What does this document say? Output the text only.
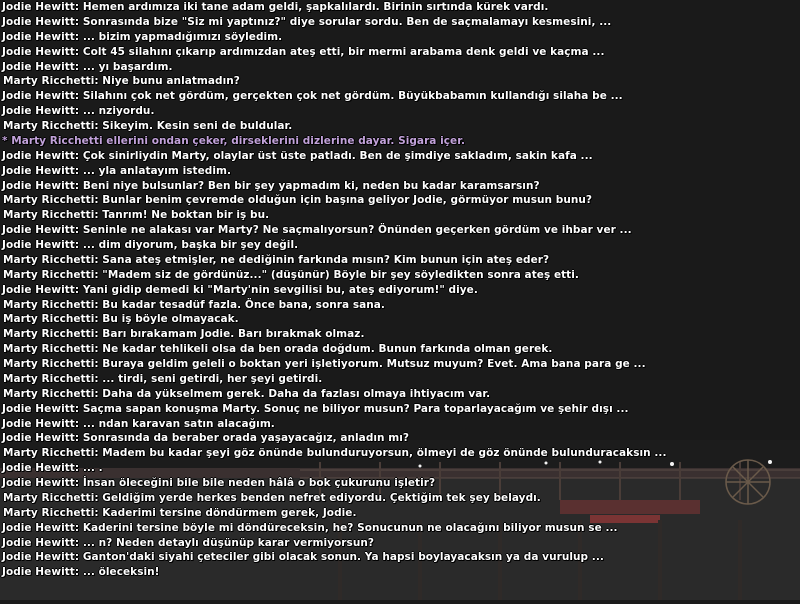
Jodie Hewitt: Hemen ardımıza iki tane adam geldi, şapkalılardı. Birinin sırtında kürek vardı.
Jodie Hewitt: Sonrasında bize "Siz mi yaptınız?" diye sorular sordu. Ben de saçmalamayı kesmesini, ...
Jodie Hewitt: ... bizim yapmadığımızı söyledim.
Jodie Hewitt: Colt 45 silahını çıkarıp ardımızdan ateş etti, bir mermi arabama denk geldi ve kaçma ...
Jodie Hewitt: ... yı başardım.
Marty Ricchetti: Niye bunu anlatmadın?
Jodie Hewitt: Silahını çok net gördüm, gerçekten çok net gördüm. Büyükbabamın kullandığı silaha be ...
Jodie Hewitt: ... nziyordu.
Marty Ricchetti: Sikeyim. Kesin seni de buldular.
* Marty Ricchetti ellerini ondan çeker, dirseklerini dizlerine dayar. Sigara içer.
Jodie Hewitt: Çok sinirliydin Marty, olaylar üst üste patladı. Ben de şimdiye sakladım, sakin kafa ...
Jodie Hewitt: ... yla anlatayım istedim.
Jodie Hewitt: Beni niye bulsunlar? Ben bir şey yapmadım ki, neden bu kadar karamsarsın?
Marty Ricchetti: Bunlar benim çevremde olduğun için başına geliyor Jodie, görmüyor musun bunu?
Marty Ricchetti: Tanrım! Ne boktan bir iş bu.
Jodie Hewitt: Seninle ne alakası var Marty? Ne saçmalıyorsun? Önünden geçerken gördüm ve ihbar ver ...
Jodie Hewitt: ... dim diyorum, başka bir şey değil.
Marty Ricchetti: Sana ateş etmişler, ne dediğinin farkında mısın? Kim bunun için ateş eder?
Marty Ricchetti: "Madem siz de gördünüz..." (düşünür) Böyle bir şey söyledikten sonra ateş etti.
Jodie Hewitt: Yani gidip demedi ki "Marty'nin sevgilisi bu, ateş ediyorum!" diye.
Marty Ricchetti: Bu kadar tesadüf fazla. Önce bana, sonra sana.
Marty Ricchetti: Bu iş böyle olmayacak.
Marty Ricchetti: Barı bırakamam Jodie. Barı bırakmak olmaz.
Marty Ricchetti: Ne kadar tehlikeli olsa da ben orada doğdum. Bunun farkında olman gerek.
Marty Ricchetti: Buraya geldim geleli o boktan yeri işletiyorum. Mutsuz muyum? Evet. Ama bana para ge ...
Marty Ricchetti: ... tirdi, seni getirdi, her şeyi getirdi.
Marty Ricchetti: Daha da yükselmem gerek. Daha da fazlası olmaya ihtiyacım var.
Jodie Hewitt: Saçma sapan konuşma Marty. Sonuç ne biliyor musun? Para toparlayacağım ve şehir dışı ...
Jodie Hewitt: ... ndan karavan satın alacağım.
Jodie Hewitt: Sonrasında da beraber orada yaşayacağız, anladın mı?
Marty Ricchetti: Madem bu kadar şeyi göz önünde bulunduruyorsun, ölmeyi de göz önünde bulunduracaksın ...
Jodie Hewitt: ... .
Jodie Hewitt: İnsan öleceğini bile bile neden hâlâ o bok çukurunu işletir?
Marty Ricchetti: Geldiğim yerde herkes benden nefret ediyordu. Çektiğim tek şey belaydı.
Marty Ricchetti: Kaderimi tersine döndürmem gerek, Jodie.
Jodie Hewitt: Kaderini tersine böyle mi döndüreceksin, he? Sonucunun ne olacağını biliyor musun se ...
Jodie Hewitt: ... n? Neden detaylı düşünüp karar vermiyorsun?
Jodie Hewitt: Ganton'daki siyahi çeteciler gibi olacak sonun. Ya hapsi boylayacaksın ya da vurulup ...
Jodie Hewitt: ... öleceksin!
